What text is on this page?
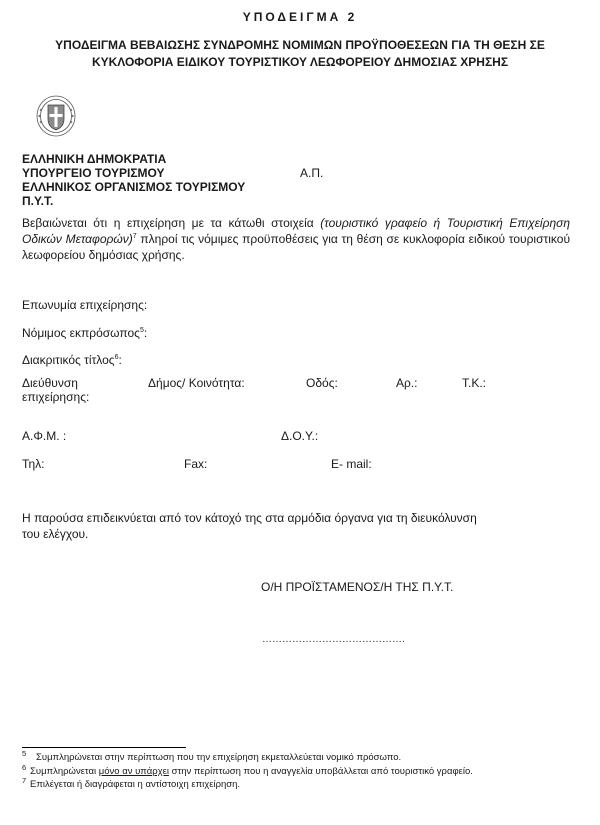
ΥΠΟΔΕΙΓΜΑ 2
ΥΠΟΔΕΙΓΜΑ ΒΕΒΑΙΩΣΗΣ ΣΥΝΔΡΟΜΗΣ ΝΟΜΙΜΩΝ ΠΡΟΫΠΟΘΕΣΕΩΝ ΓΙΑ ΤΗ ΘΕΣΗ ΣΕ
ΚΥΚΛΟΦΟΡΙΑ ΕΙΔΙΚΟΥ ΤΟΥΡΙΣΤΙΚΟΥ ΛΕΩΦΟΡΕΙΟΥ ΔΗΜΟΣΙΑΣ ΧΡΗΣΗΣ
ΕΛΛΗΝΙΚΗ ΔΗΜΟΚΡΑΤΙΑ
ΥΠΟΥΡΓΕΙΟ ΤΟΥΡΙΣΜΟΥ
ΕΛΛΗΝΙΚΟΣ ΟΡΓΑΝΙΣΜΟΣ ΤΟΥΡΙΣΜΟΥ
Π.Υ.Τ.
Α.Π.
Βεβαιώνεται ότι η επιχείρηση με τα κάτωθι στοιχεία (τουριστικό γραφείο ή Τουριστική Επιχείρηση Οδικών Μεταφορών)$^7$ πληροί τις νόμιμες προϋποθέσεις για τη θέση σε κυκλοφορία ειδικού τουριστικού λεωφορείου δημόσιας χρήσης.
Επωνυμία επιχείρησης:
Νόμιμος εκπρόσωπος$^5$:
Διακριτικός τίτλος$^6$:
Διεύθυνση
επιχείρησης:
Δήμος/ Κοινότητα:	Οδός:	Αρ.:	Τ.Κ.:
Α.Φ.Μ. :	Δ.Ο.Υ.:
Τηλ:	Fax:	E- mail:
Η παρούσα επιδεικνύεται από τον κάτοχό της στα αρμόδια όργανα για τη διευκόλυνση
του ελέγχου.
Ο/Η ΠΡΟΪΣΤΑΜΕΝΟΣ/Η ΤΗΣ Π.Υ.Τ.
…………………………………….
5 Συμπληρώνεται στην περίπτωση που την επιχείρηση εκμεταλλεύεται νομικό πρόσωπο.
6 Συμπληρώνεται μόνο αν υπάρχει στην περίπτωση που η αναγγελία υποβάλλεται από τουριστικό γραφείο.
7 Επιλέγεται ή διαγράφεται η αντίστοιχη επιχείρηση.
